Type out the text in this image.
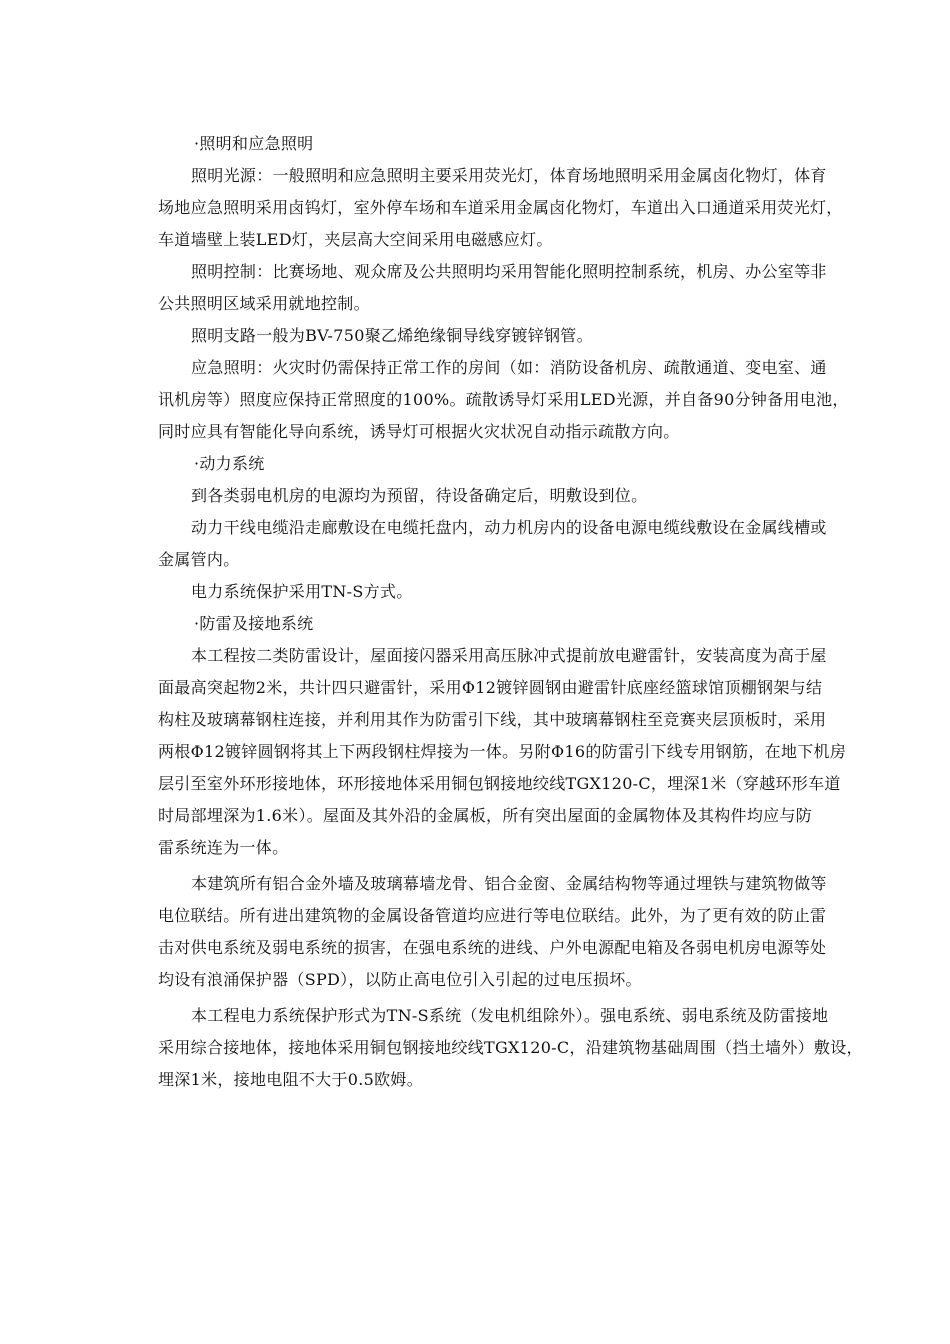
·照明和应急照明
照明光源：一般照明和应急照明主要采用荧光灯，体育场地照明采用金属卤化物灯，体育
场地应急照明采用卤钨灯，室外停车场和车道采用金属卤化物灯，车道出入口通道采用荧光灯，
车道墙壁上装LED灯，夹层高大空间采用电磁感应灯。
照明控制：比赛场地、观众席及公共照明均采用智能化照明控制系统，机房、办公室等非
公共照明区域采用就地控制。
照明支路一般为BV-750聚乙烯绝缘铜导线穿镀锌钢管。
应急照明：火灾时仍需保持正常工作的房间（如：消防设备机房、疏散通道、变电室、通
讯机房等）照度应保持正常照度的100%。疏散诱导灯采用LED光源，并自备90分钟备用电池，
同时应具有智能化导向系统，诱导灯可根据火灾状况自动指示疏散方向。
·动力系统
到各类弱电机房的电源均为预留，待设备确定后，明敷设到位。
动力干线电缆沿走廊敷设在电缆托盘内，动力机房内的设备电源电缆线敷设在金属线槽或
金属管内。
电力系统保护采用TN-S方式。
·防雷及接地系统
本工程按二类防雷设计，屋面接闪器采用高压脉冲式提前放电避雷针，安装高度为高于屋
面最高突起物2米，共计四只避雷针，采用Φ12镀锌圆钢由避雷针底座经篮球馆顶棚钢架与结
构柱及玻璃幕钢柱连接，并利用其作为防雷引下线，其中玻璃幕钢柱至竞赛夹层顶板时，采用
两根Φ12镀锌圆钢将其上下两段钢柱焊接为一体。另附Φ16的防雷引下线专用钢筋，在地下机房
层引至室外环形接地体，环形接地体采用铜包钢接地绞线TGX120-C，埋深1米（穿越环形车道
时局部埋深为1.6米）。屋面及其外沿的金属板，所有突出屋面的金属物体及其构件均应与防
雷系统连为一体。
本建筑所有铝合金外墙及玻璃幕墙龙骨、铝合金窗、金属结构物等通过埋铁与建筑物做等
电位联结。所有进出建筑物的金属设备管道均应进行等电位联结。此外，为了更有效的防止雷
击对供电系统及弱电系统的损害，在强电系统的进线、户外电源配电箱及各弱电机房电源等处
均设有浪涌保护器（SPD），以防止高电位引入引起的过电压损坏。
本工程电力系统保护形式为TN-S系统（发电机组除外）。强电系统、弱电系统及防雷接地
采用综合接地体，接地体采用铜包钢接地绞线TGX120-C，沿建筑物基础周围（挡土墙外）敷设，
埋深1米，接地电阻不大于0.5欧姆。
